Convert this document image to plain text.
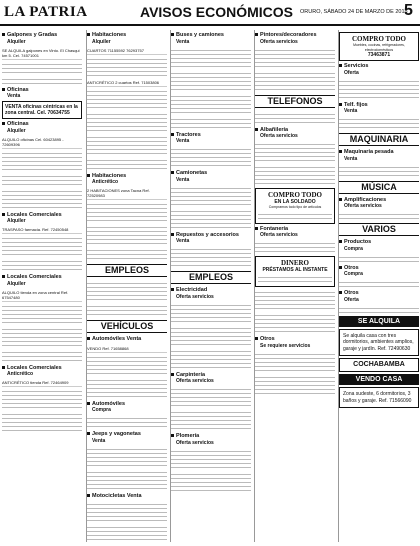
LA PATRIA	AVISOS ECONÓMICOS ORURO, SÁBADO 24 DE MARZO DE 2018
5
Galpones y Gradas
Alquiler
SE ALQUILA galpones en Vinto. El Chasqui km 5. Cel. 74571001
Oficinas
Venta
VENTA oficinas céntricas en la zona central. Cel. 70634755
Oficinas
Alquiler
ALQUILO oficinas Cel. 60423895 - 72609396
Locales Comerciales
Alquiler
TRASPASO farmacia. Ref. 72450548
Locales Comerciales
Alquiler
ALQUILO tienda en zona central Ref. 67547480
Locales Comerciales
Anticrético
ANTICRÉTICO tienda Ref. 72464909
Habitaciones
Alquiler
CUARTOS 71155592 76293757
ANTICRÉTICO 2 cuartos Ref. 71503806
Habitaciones
Anticrético
2 HABITACIONES zona Tacna Ref. 72520983
EMPLEOS
VEHÍCULOS
Automóviles Venta
VENDO Ref. 71658868
Automóviles
Compra
Jeeps y vagonetas
Venta
Motocicletas Venta
Buses y camiones
Venta
Tractores
Venta
Camionetas
Venta
Repuestos y accesorios
Venta
EMPLEOS
Electricidad
Oferta servicios
Carpintería
Oferta servicios
Plomería
Oferta servicios
Pintores/decoradores
Oferta servicios
TELEFONOS
Albañilería
Oferta servicios
COMPRO TODO
EN LA SOLDADO
Compramos todo tipo de artículos
Fontanería
Oferta servicios
DINERO
PRÉSTAMOS AL INSTANTE
Otros
Se requiere servicios
COMPRO TODO
Muebles, cocinas, refrigeradores, electrodomésticos
73463871
Servicios
Oferta
Telf. fijos
Venta
MAQUINARIA
Maquinaria pesada
Venta
MÚSICA
Amplificaciones
Oferta servicios
VARIOS
Productos
Compra
Otros
Compra
Otros
Oferta
SE ALQUILA
Se alquila casa con tres dormitorios, ambientes amplios, garaje y jardín. Ref. 72490630
COCHABAMBA
VENDO CASA
Zona sudeste, 6 dormitorios, 3 baños y garaje. Ref. 71566090
